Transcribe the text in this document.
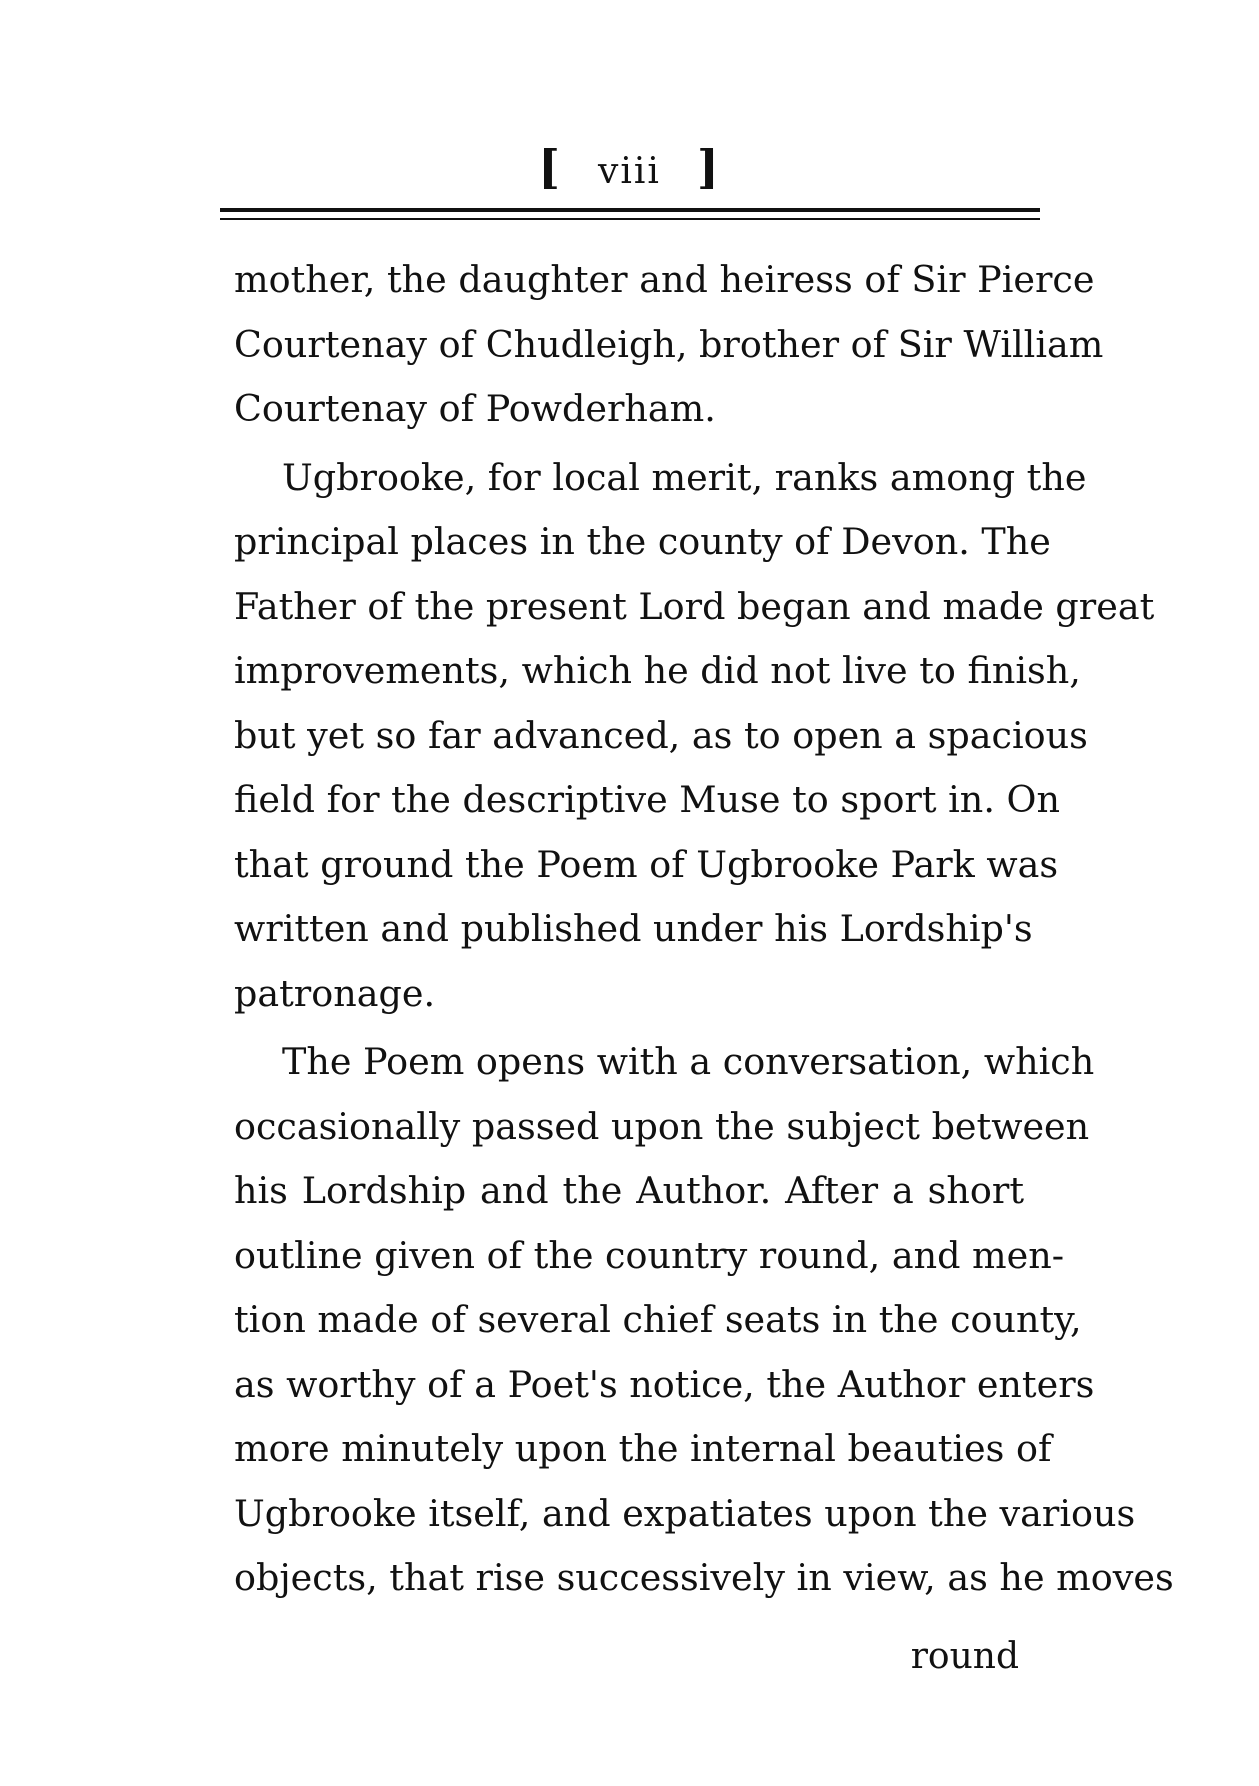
[ viii ]
mother, the daughter and heiress of Sir Pierce
Courtenay of Chudleigh, brother of Sir William
Courtenay of Powderham.
Ugbrooke, for local merit, ranks among the
principal places in the county of Devon. The
Father of the present Lord began and made great
improvements, which he did not live to finish,
but yet so far advanced, as to open a spacious
field for the descriptive Muse to sport in. On
that ground the Poem of Ugbrooke Park was
written and published under his Lordship's
patronage.
The Poem opens with a conversation, which
occasionally passed upon the subject between
his Lordship and the Author. After a short
outline given of the country round, and men-
tion made of several chief seats in the county,
as worthy of a Poet's notice, the Author enters
more minutely upon the internal beauties of
Ugbrooke itself, and expatiates upon the various
objects, that rise successively in view, as he moves
round
